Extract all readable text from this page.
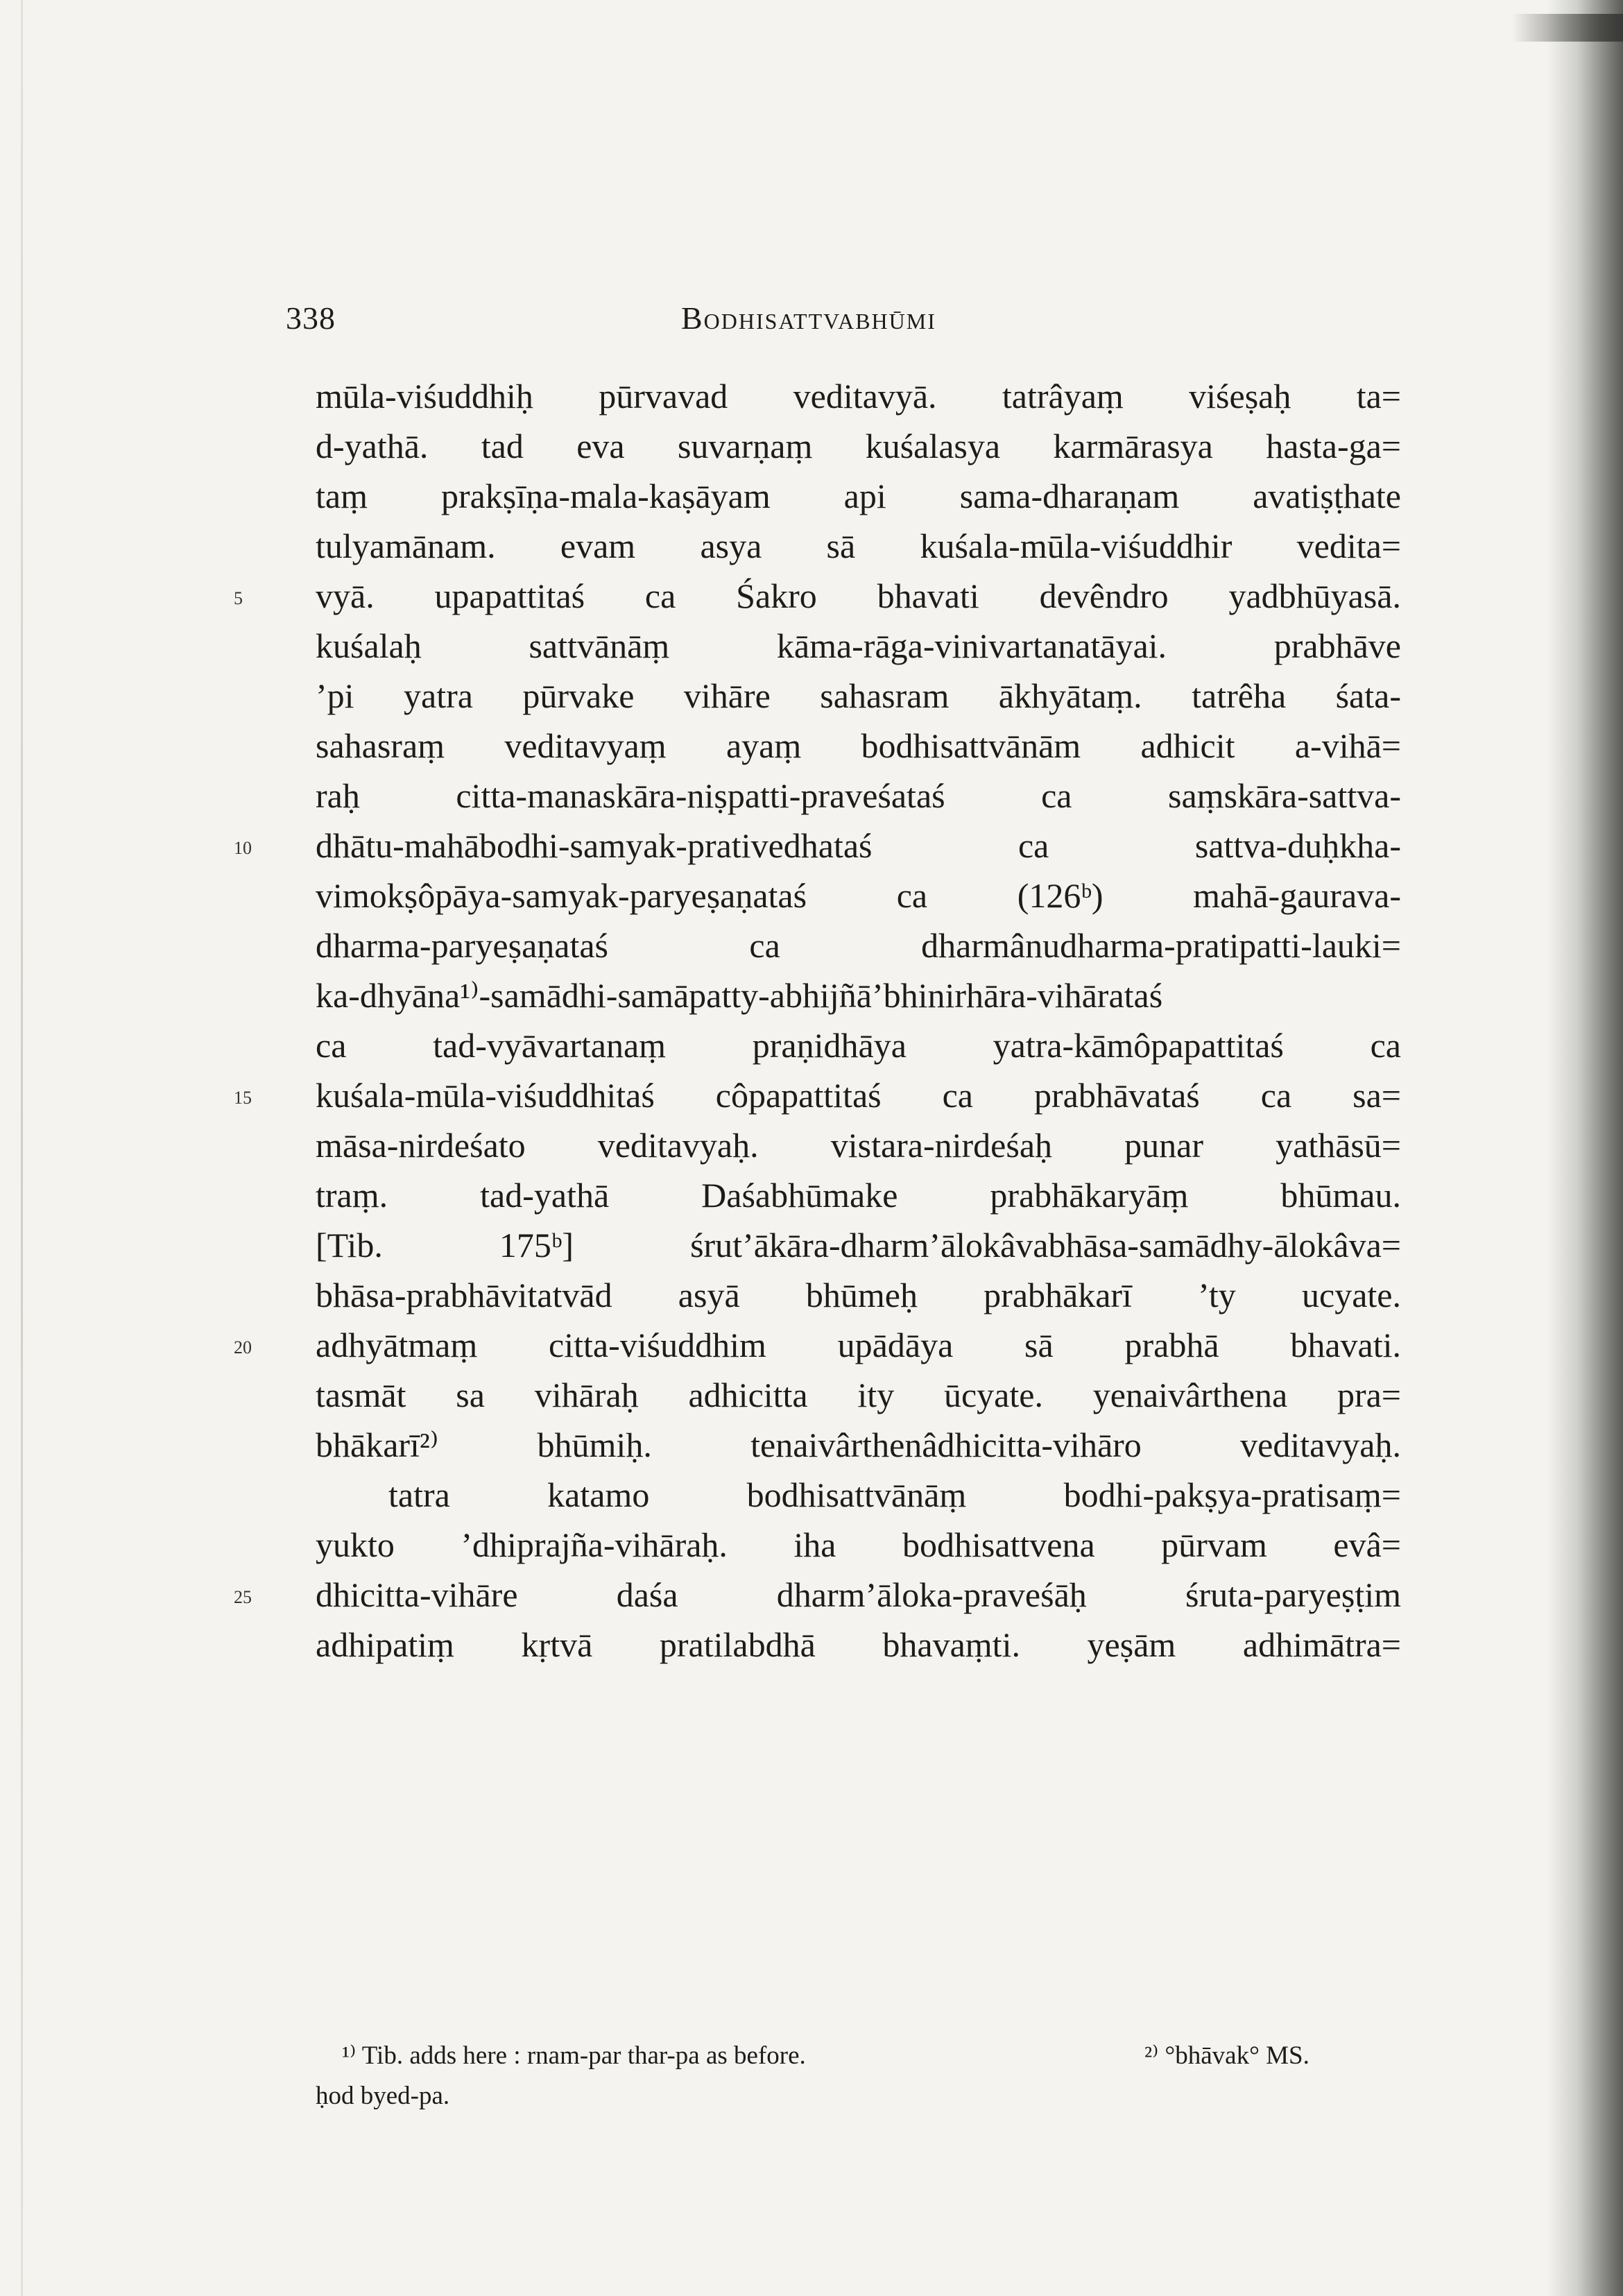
338	Bodhisattvabhūmi
mūla-viśuddhiḥ pūrvavad veditavyā. tatrâyaṃ viśeṣaḥ ta=
d-yathā. tad eva suvarṇaṃ kuśalasya karmārasya hasta-ga=
taṃ prakṣīṇa-mala-kaṣāyam api sama-dharaṇam avatiṣṭhate
tulyamānam. evam asya sā kuśala-mūla-viśuddhir vedita=
5	vyā. upapattitaś ca Śakro bhavati devêndro yadbhūyasā.
kuśalaḥ sattvānāṃ kāma-rāga-vinivartanatāyai. prabhāve
’pi yatra pūrvake vihāre sahasram ākhyātaṃ. tatrêha śata-
sahasraṃ veditavyaṃ ayaṃ bodhisattvānām adhicit a-vihā=
raḥ citta-manaskāra-niṣpatti-praveśataś ca saṃskāra-sattva-
10	dhātu-mahābodhi-samyak-prativedhataś ca sattva-duḥkha-
vimokṣôpāya-samyak-paryeṣaṇataś ca (126ᵇ) mahā-gaurava-
dharma-paryeṣaṇataś ca dharmânudharma-pratipatti-lauki=
ka-dhyāna¹⁾-samādhi-samāpatty-abhijñā’bhinirhāra-vihārataś
ca tad-vyāvartanaṃ praṇidhāya yatra-kāmôpapattitaś ca
15	kuśala-mūla-viśuddhitaś côpapattitaś ca prabhāvataś ca sa=
māsa-nirdeśato veditavyaḥ. vistara-nirdeśaḥ punar yathāsū=
traṃ. tad-yathā Daśabhūmake prabhākaryāṃ bhūmau.
[Tib. 175ᵇ] śrut’ākāra-dharm’ālokâvabhāsa-samādhy-ālokâva=
bhāsa-prabhāvitatvād asyā bhūmeḥ prabhākarī ’ty ucyate.
20	adhyātmaṃ citta-viśuddhim upādāya sā prabhā bhavati.
tasmāt sa vihāraḥ adhicitta ity ūcyate. yenaivârthena pra=
bhākarī²⁾ bhūmiḥ. tenaivârthenâdhicitta-vihāro veditavyaḥ.
tatra katamo bodhisattvānāṃ bodhi-pakṣya-pratisaṃ=
yukto ’dhiprajña-vihāraḥ. iha bodhisattvena pūrvam evâ=
25	dhicitta-vihāre daśa dharm’āloka-praveśāḥ śruta-paryeṣṭim
adhipatiṃ kṛtvā pratilabdhā bhavaṃti. yeṣām adhimātra=
¹⁾ Tib. adds here : rnam-par thar-pa as before.	²⁾ °bhāvak° MS.
ḥod byed-pa.
